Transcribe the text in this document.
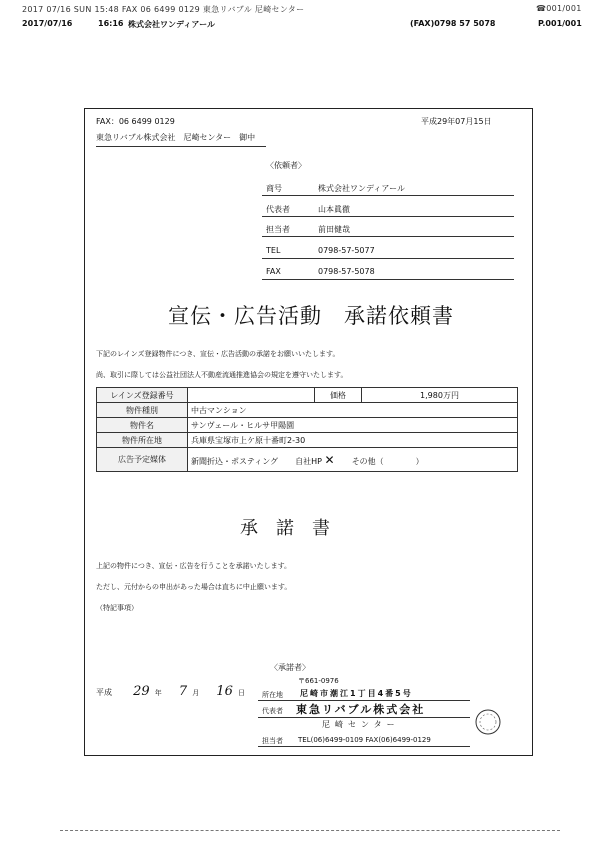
2017 07/16 SUN 15:48 FAX 06 6499 0129 東急リバブル 尼崎センター	☎001/001
2017/07/16	16:16 株式会社ワンディアール	(FAX)0798 57 5078	P.001/001
FAX：06 6499 0129	平成29年07月15日
東急リバブル株式会社　尼崎センター　御中
〈依頼者〉
商号	株式会社ワンディアール
代表者	山本眞徹
担当者	前田健哉
TEL	0798-57-5077
FAX	0798-57-5078
宣伝・広告活動　承諾依頼書
下記のレインズ登録物件につき、宣伝・広告活動の承諾をお願いいたします。
尚、取引に際しては公益社団法人不動産流通推進協会の規定を遵守いたします。
レインズ登録番号		価格	1,980万円
物件種別	中古マンション		
物件名	サンヴェール・ヒルサ甲陽園		
物件所在地	兵庫県宝塚市上ケ原十番町2-30		
広告予定媒体	新聞折込・ポスティング 自社HP ✕ その他（　　　　）		
承　諾　書
上記の物件につき、宣伝・広告を行うことを承諾いたします。
ただし、元付からの申出があった場合は直ちに中止願います。
（特記事項）
〈承諾者〉
平成 29 年 7 月 16 日
〒661-0976
所在地 尼崎市潮江1丁目4番5号
代表者 東急リバブル株式会社
尼崎センター
担当者 TEL(06)6499-0109 FAX(06)6499-0129
